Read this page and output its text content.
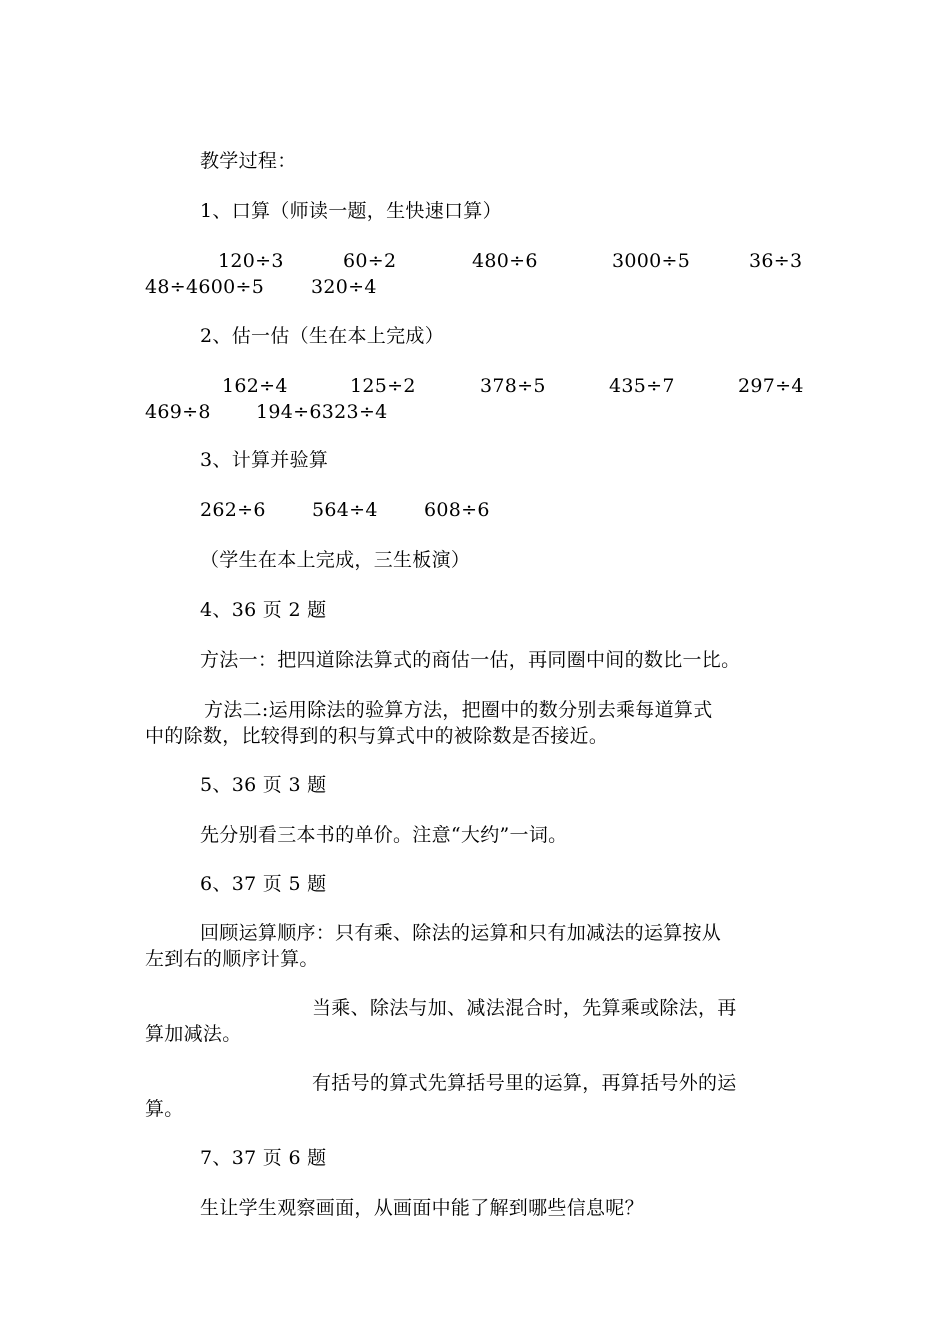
教学过程：
1、口算（师读一题，生快速口算）
120÷3	60÷2	480÷6	3000÷5	36÷3
48÷4600÷5 320÷4
2、估一估（生在本上完成）
162÷4	125÷2	378÷5	435÷7	297÷4
469÷8 194÷6323÷4
3、计算并验算
262÷6 564÷4 608÷6
（学生在本上完成，三生板演）
4、36 页 2 题
方法一：把四道除法算式的商估一估，再同圈中间的数比一比。
方法二:运用除法的验算方法，把圈中的数分别去乘每道算式
中的除数，比较得到的积与算式中的被除数是否接近。
5、36 页 3 题
先分别看三本书的单价。注意“大约”一词。
6、37 页 5 题
回顾运算顺序：只有乘、除法的运算和只有加减法的运算按从
左到右的顺序计算。
当乘、除法与加、减法混合时，先算乘或除法，再
算加减法。
有括号的算式先算括号里的运算，再算括号外的运
算。
7、37 页 6 题
生让学生观察画面，从画面中能了解到哪些信息呢？
